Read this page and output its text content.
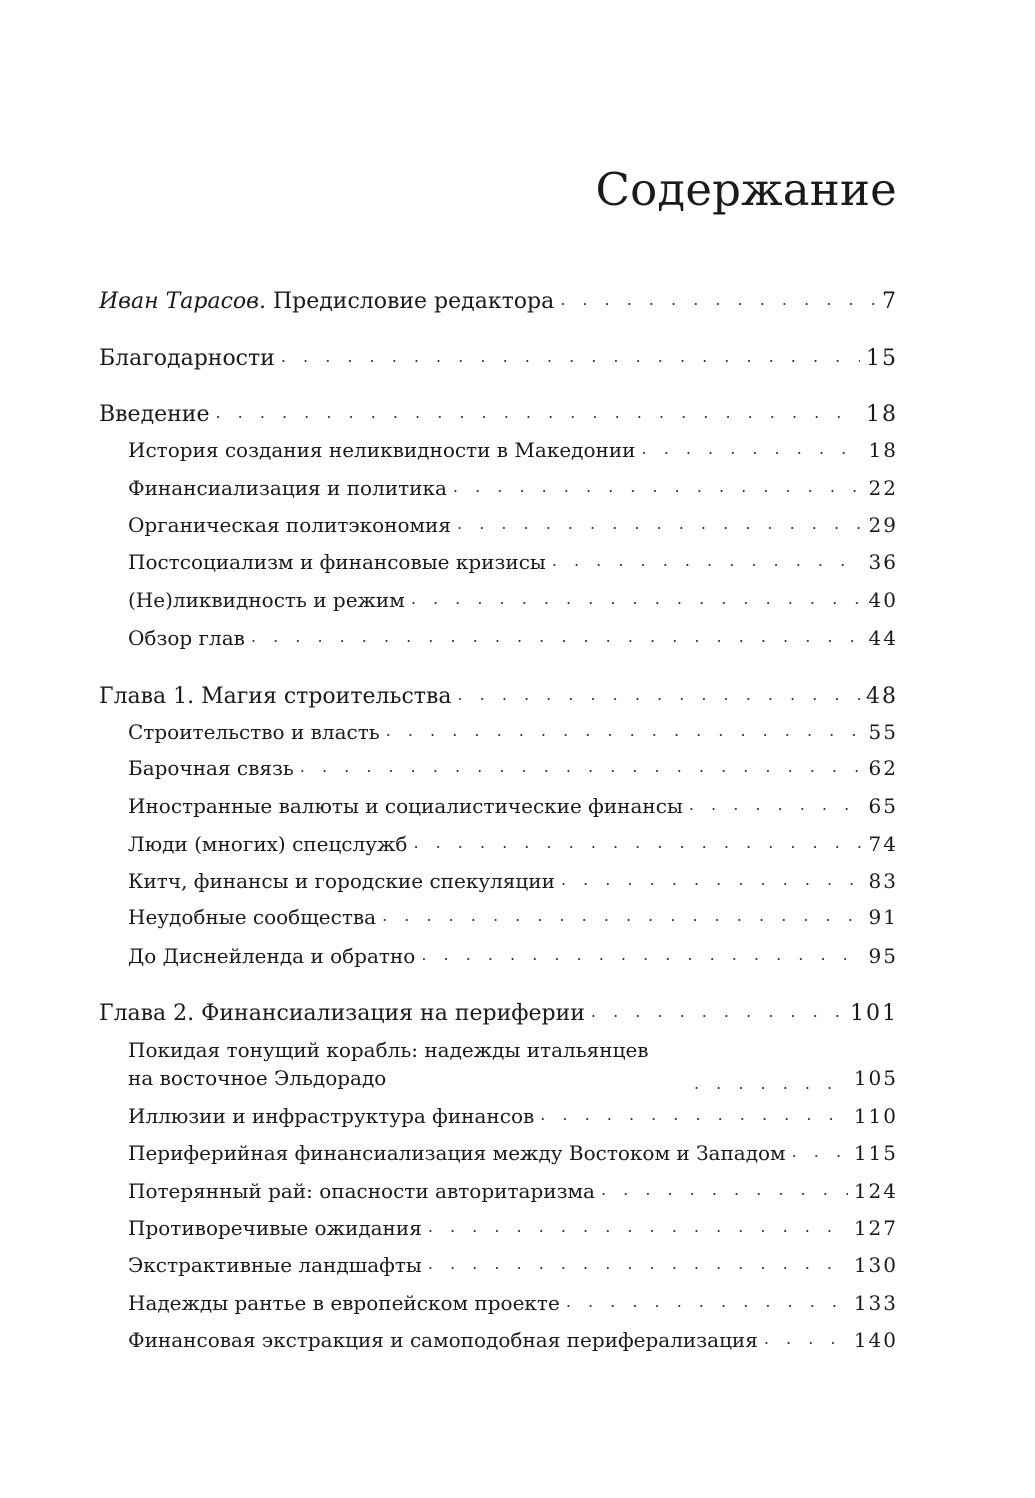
Содержание
Иван Тарасов. Предисловие редактора . . .	7
Благодарности . . .	15
Введение . . .	18
История создания неликвидности в Македонии . . .	18
Финансиализация и политика . . .	22
Органическая политэкономия . . .	29
Постсоциализм и финансовые кризисы . . .	36
(Не)ликвидность и режим . . .	40
Обзор глав . . .	44
Глава 1. Магия строительства . . .	48
Строительство и власть . . .	55
Барочная связь . . .	62
Иностранные валюты и социалистические финансы . . .	65
Люди (многих) спецслужб . . .	74
Китч, финансы и городские спекуляции . . .	83
Неудобные сообщества . . .	91
До Диснейленда и обратно . . .	95
Глава 2. Финансиализация на периферии . . .	101
Покидая тонущий корабль: надежды итальянцев
на восточное Эльдорадо . . .	105
Иллюзии и инфраструктура финансов . . .	110
Периферийная финансиализация между Востоком и Западом . . .	115
Потерянный рай: опасности авторитаризма . . .	124
Противоречивые ожидания . . .	127
Экстрактивные ландшафты . . .	130
Надежды рантье в европейском проекте . . .	133
Финансовая экстракция и самоподобная периферализация . . .	140
